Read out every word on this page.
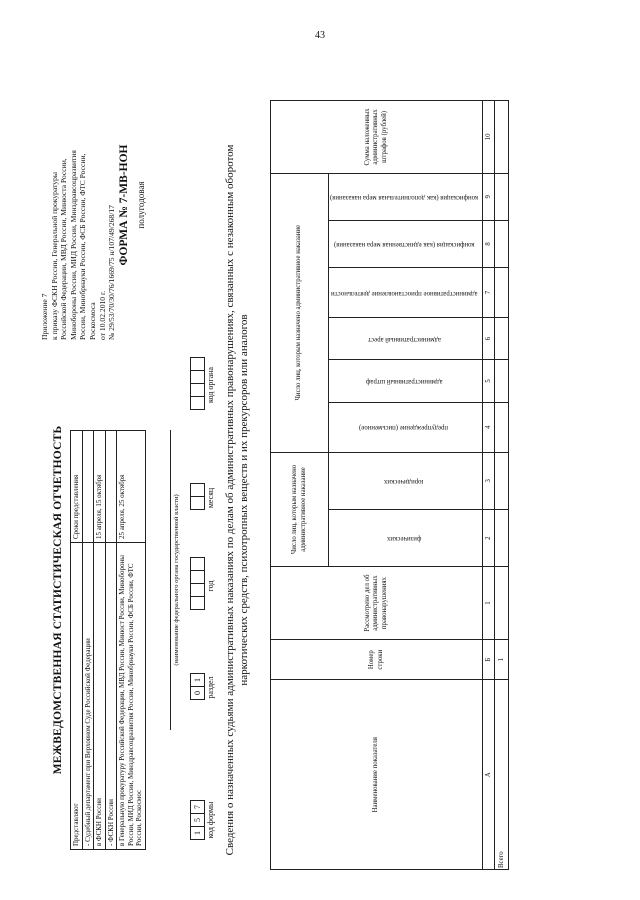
43
Приложение 7 к приказу ФСКН России, Генеральной прокуратуры Российской Федерации, МВД России, Минюста России, Минобороны России, МИД России, Минздравсоцразвития России, Минобрнауки России, ФСБ России, ФТС России, Роскосмоса от 10.02.2010 г. № 29/53/70/30/76/1669/75 н/107/49/268/17
МЕЖВЕДОМСТВЕННАЯ СТАТИСТИЧЕСКАЯ ОТЧЕТНОСТЬ
ФОРМА № 7-МВ-НОН полугодовая
Представляют	Сроки представления
- Судебный департамент при Верховном Суде Российской Федерации	
в ФСКН России	15 апреля, 15 октября
- ФСКН России	
в Генеральную прокуратуру Российской Федерации, МВД России, Минюст России, Минобороны России, МИД России, Минздравсоцразвития России, Минобрнауки России, ФСБ России, ФТС России, Роскосмос	25 апреля, 25 октября	(наименование федерального органа государственной власти)
1
5
7 код формы
0
1 раздел
год
месяц
код органа Сведения о назначенных судьями административных наказаниях по делам об административных правонарушениях, связанных с незаконным оборотом наркотических средств, психотропных веществ и их прекурсоров или аналогов
Наименование показателя	Номер строки	Рассмотрено дел об административных правонарушениях	Число лиц, которым назначено административное наказание		Число лиц, которым назначено административное наказание						Сумма наложенных административных штрафов (рублей)
			физических	юридических	предупреждение (письменное)	административный штраф	административный арест	административное приостановление деятельности	конфискация (как единственная мера наказания)	конфискация (как дополнительная мера наказания)	
А	Б	1	2	3	4	5	6	7	8	9	10
Всего	1										
